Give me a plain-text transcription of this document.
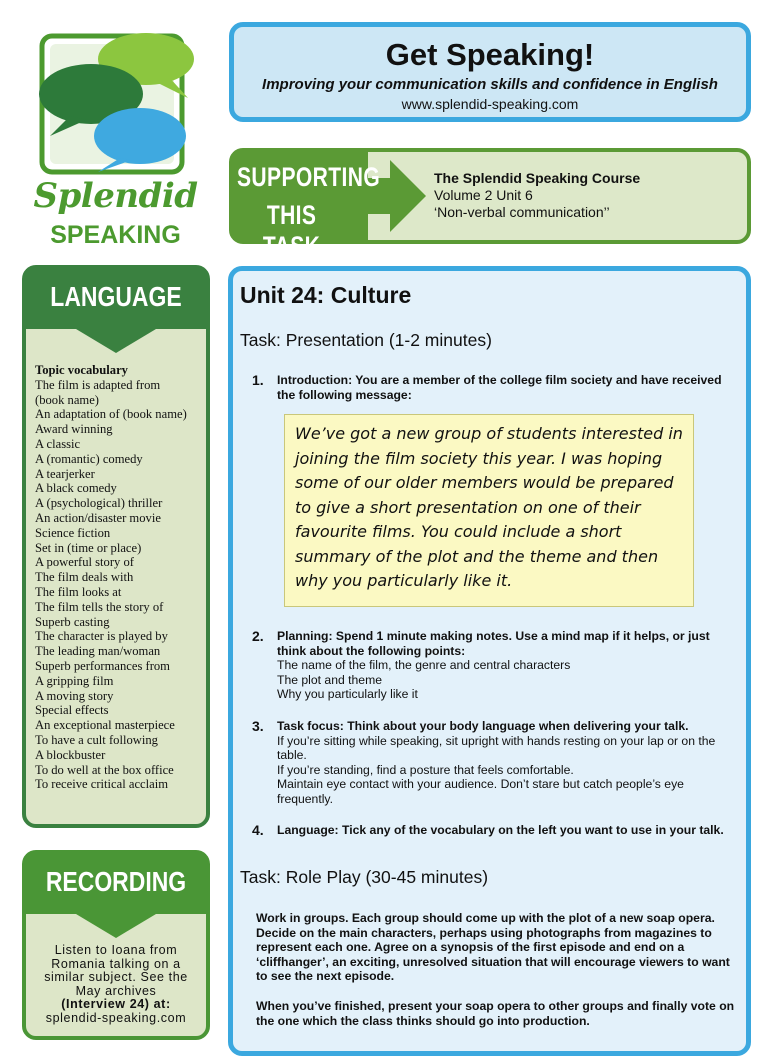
Splendid
SPEAKING
Get Speaking!
Improving your communication skills and confidence in English
www.splendid-speaking.com
SUPPORTING
THIS TASK
The Splendid Speaking Course
Volume 2 Unit 6
‘Non-verbal communication’’
LANGUAGE
Topic vocabulary
The film is adapted from
(book name)
An adaptation of (book name)
Award winning
A classic
A (romantic) comedy
A tearjerker
A black comedy
A (psychological) thriller
An action/disaster movie
Science fiction
Set in (time or place)
A powerful story of
The film deals with
The film looks at
The film tells the story of
Superb casting
The character is played by
The leading man/woman
Superb performances from
A gripping film
A moving story
Special effects
An exceptional masterpiece
To have a cult following
A blockbuster
To do well at the box office
To receive critical acclaim
RECORDING
Listen to Ioana from
Romania talking on a
similar subject. See the
May archives
(Interview 24) at:
splendid-speaking.com
Unit 24: Culture
Task: Presentation (1-2 minutes)
1. Introduction: You are a member of the college film society and have received the following message:
We’ve got a new group of students interested in joining the film society this year. I was hoping some of our older members would be prepared to give a short presentation on one of their favourite films. You could include a short summary of the plot and the theme and then why you particularly like it.
2. Planning: Spend 1 minute making notes. Use a mind map if it helps, or just think about the following points:
The name of the film, the genre and central characters
The plot and theme
Why you particularly like it
3. Task focus: Think about your body language when delivering your talk.
If you’re sitting while speaking, sit upright with hands resting on your lap or on the table.
If you’re standing, find a posture that feels comfortable.
Maintain eye contact with your audience. Don’t stare but catch people’s eye frequently.
4. Language: Tick any of the vocabulary on the left you want to use in your talk.
Task: Role Play (30-45 minutes)
Work in groups. Each group should come up with the plot of a new soap opera. Decide on the main characters, perhaps using photographs from magazines to represent each one. Agree on a synopsis of the first episode and end on a ‘cliffhanger’, an exciting, unresolved situation that will encourage viewers to want to see the next episode.
When you’ve finished, present your soap opera to other groups and finally vote on the one which the class thinks should go into production.
